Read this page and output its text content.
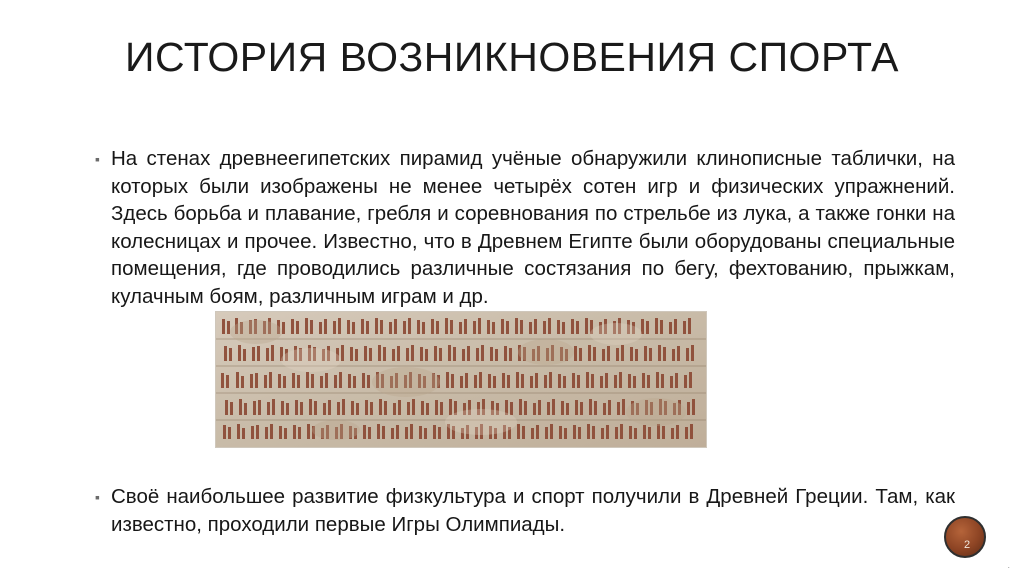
ИСТОРИЯ ВОЗНИКНОВЕНИЯ СПОРТА
▪ На стенах древнеегипетских пирамид учёные обнаружили клинописные таблички, на которых были изображены не менее четырёх сотен игр и физических упражнений. Здесь борьба и плавание, гребля и соревнования по стрельбе из лука, а также гонки на колесницах и прочее. Известно, что в Древнем Египте были оборудованы специальные помещения, где проводились различные состязания по бегу, фехтованию, прыжкам, кулачным боям, различным играм и др.
▪ Своё наибольшее развитие физкультура и спорт получили в Древней Греции. Там, как известно, проходили первые Игры Олимпиады.
2
.
